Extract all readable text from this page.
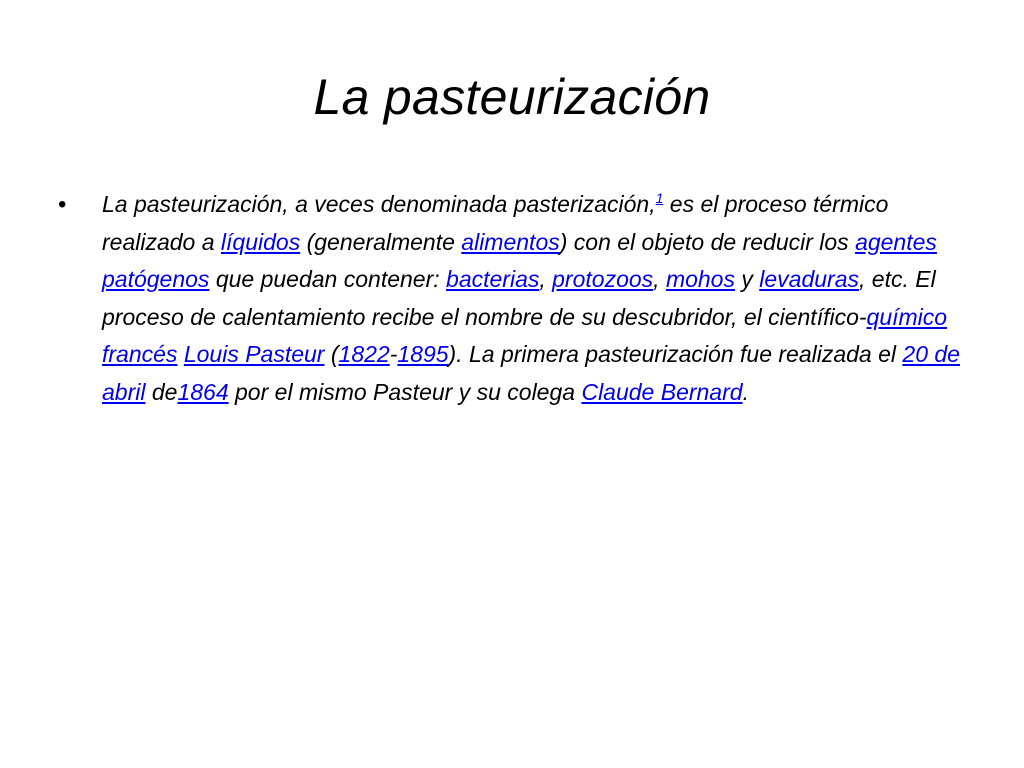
La pasteurización
• La pasteurización, a veces denominada pasterización,$^1$ es el proceso térmico realizado a líquidos (generalmente alimentos) con el objeto de reducir los agentes patógenos que puedan contener: bacterias, protozoos, mohos y levaduras, etc. El proceso de calentamiento recibe el nombre de su descubridor, el científico-químico francés Louis Pasteur (1822-1895). La primera pasteurización fue realizada el 20 de abril de1864 por el mismo Pasteur y su colega Claude Bernard.
